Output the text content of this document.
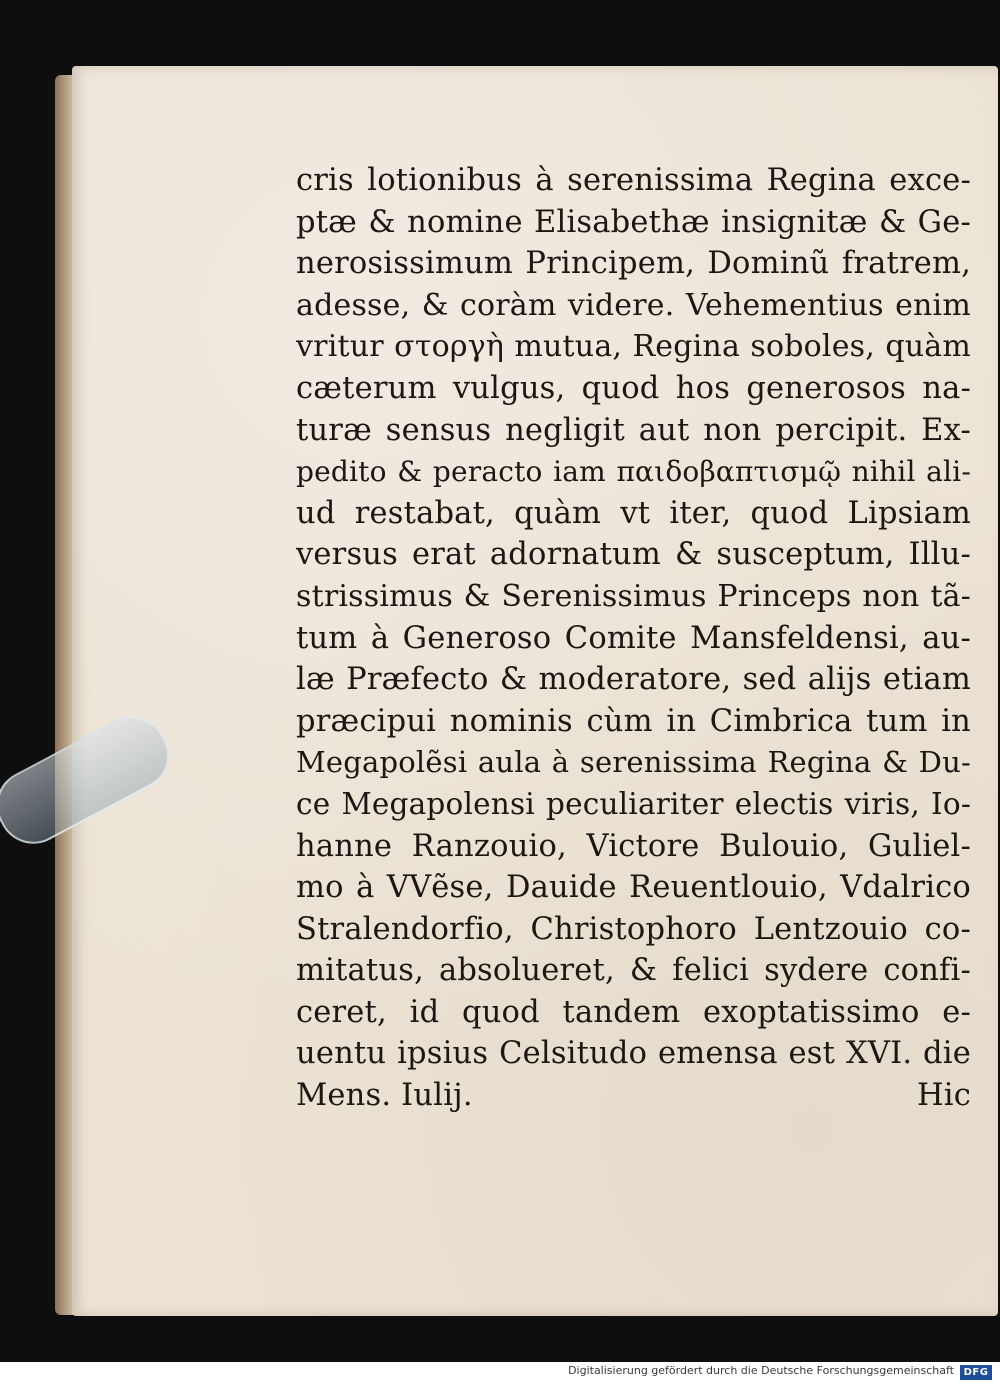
cris lotionibus à serenissima Regina exce-
ptæ & nomine Elisabethæ insignitæ & Ge-
nerosissimum Principem, Dominũ fratrem,
adesse, & coràm videre. Vehementius enim
vritur στοργὴ mutua, Regina soboles, quàm
cæterum vulgus, quod hos generosos na-
turæ sensus negligit aut non percipit. Ex-
pedito & peracto iam παιδοβαπτισμῷ nihil ali-
ud restabat, quàm vt iter, quod Lipsiam
versus erat adornatum & susceptum, Illu-
strissimus & Serenissimus Princeps non tã-
tum à Generoso Comite Mansfeldensi, au-
læ Præfecto & moderatore, sed alijs etiam
præcipui nominis cùm in Cimbrica tum in
Megapolẽsi aula à serenissima Regina & Du-
ce Megapolensi peculiariter electis viris, Io-
hanne Ranzouio, Victore Bulouio, Guliel-
mo à VVẽse, Dauide Reuentlouio, Vdalrico
Stralendorfio, Christophoro Lentzouio co-
mitatus, absolueret, & felici sydere confi-
ceret, id quod tandem exoptatissimo e-
uentu ipsius Celsitudo emensa est XVI. die
Mens. Iulij.	Hic
Digitalisierung gefördert durch die Deutsche Forschungsgemeinschaft DFG
